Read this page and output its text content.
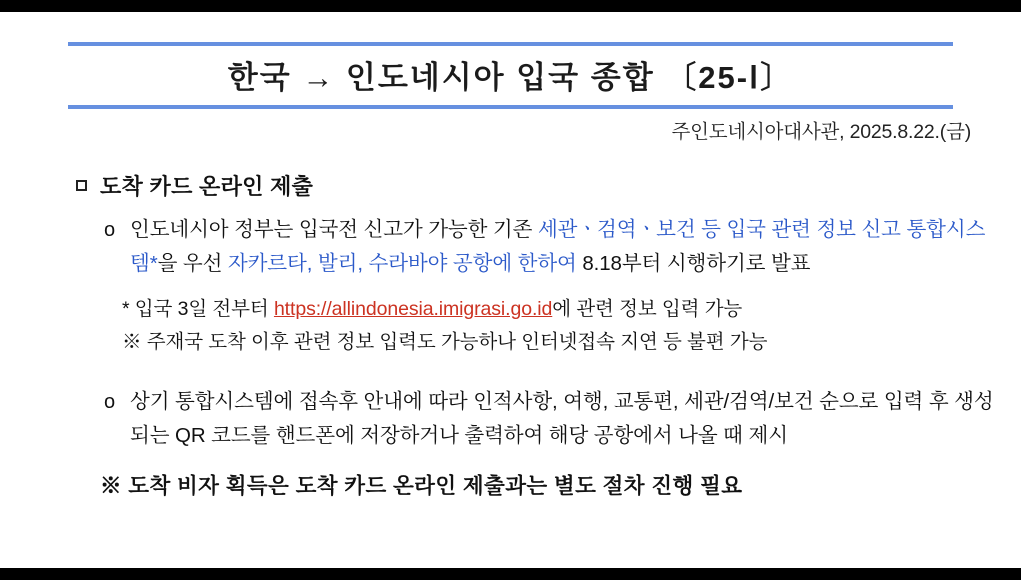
한국 → 인도네시아 입국 종합 〔25‑Ⅰ〕
주인도네시아대사관, 2025.8.22.(금)
도착 카드 온라인 제출
o 인도네시아 정부는 입국전 신고가 가능한 기존 세관ㆍ검역ㆍ보건 등 입국 관련 정보 신고 통합시스템*을 우선 자카르타, 발리, 수라바야 공항에 한하여 8.18부터 시행하기로 발표
* 입국 3일 전부터 https://allindonesia.imigrasi.go.id에 관련 정보 입력 가능
※ 주재국 도착 이후 관련 정보 입력도 가능하나 인터넷접속 지연 등 불편 가능
o 상기 통합시스템에 접속후 안내에 따라 인적사항, 여행, 교통편, 세관/검역/보건 순으로 입력 후 생성되는 QR 코드를 핸드폰에 저장하거나 출력하여 해당 공항에서 나올 때 제시
※ 도착 비자 획득은 도착 카드 온라인 제출과는 별도 절차 진행 필요
